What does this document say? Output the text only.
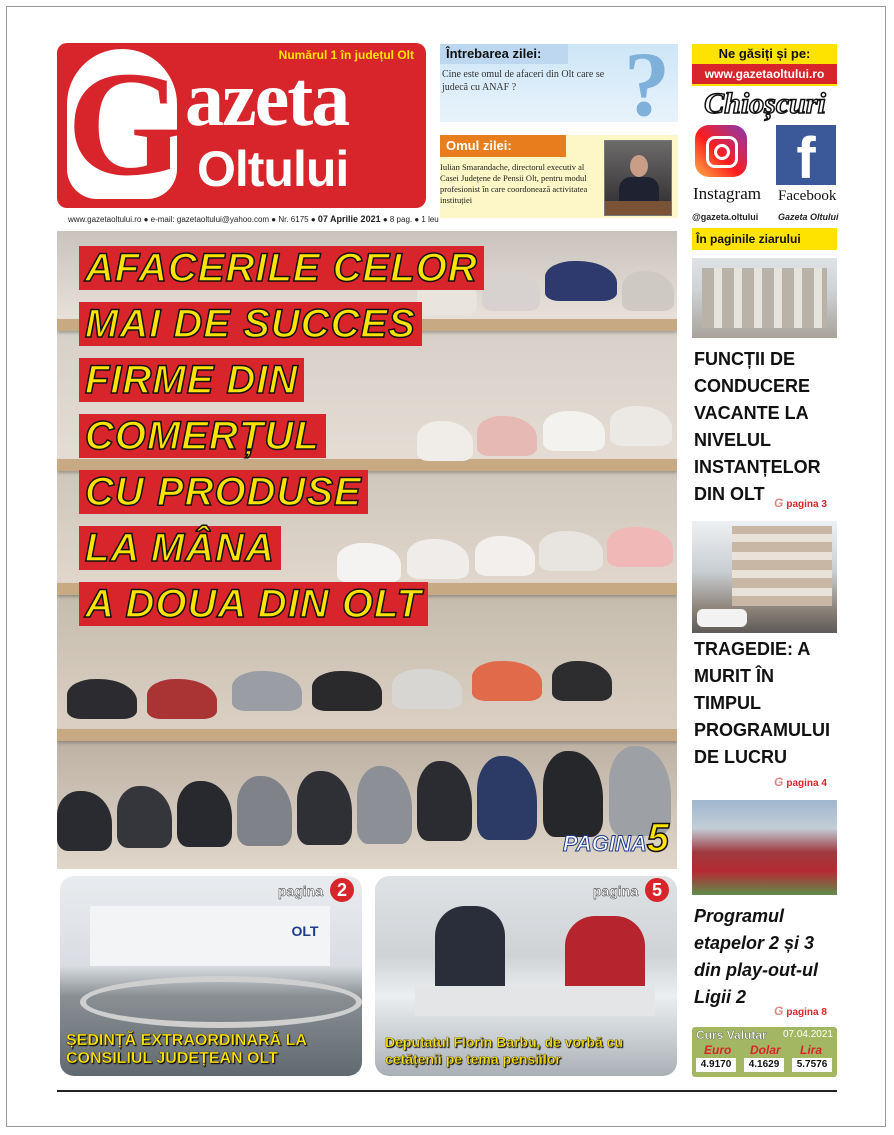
Numărul 1 în județul Olt
G azeta
Oltului
www.gazetaoltului.ro ● e-mail: gazetaoltului@yahoo.com ● Nr. 6175 ● 07 Aprilie 2021 ● 8 pag. ● 1 leu
Întrebarea zilei: ?
Cine este omul de afaceri din Olt care se judecă cu ANAF ?
Omul zilei:
Iulian Smarandache, directorul executiv al Casei Județene de Pensii Olt, pentru modul profesionist în care coordonează activitatea instituției
Ne găsiți și pe:
www.gazetaoltului.ro
Chioșcuri
f
Instagram Facebook
@gazeta.oltului Gazeta Oltului
În paginile ziarului
AFACERILE CELOR
MAI DE SUCCES
FIRME DIN
COMERȚUL
CU PRODUSE
LA MÂNA
A DOUA DIN OLT
PAGINA5
OLT
pagina 2
ȘEDINȚĂ EXTRAORDINARĂ LA CONSILIUL JUDEȚEAN OLT
pagina 5
Deputatul Florin Barbu, de vorbă cu cetățenii pe tema pensiilor
FUNCȚII DE CONDUCERE VACANTE LA NIVELUL INSTANȚELOR DIN OLT G pagina 3
TRAGEDIE: A MURIT ÎN TIMPUL PROGRAMULUI DE LUCRU
G pagina 4
Programul etapelor 2 și 3 din play-out-ul Ligii 2
G pagina 8
Curs Valutar 07.04.2021
Euro Dolar Lira
4.9170	4.1629	5.7576
